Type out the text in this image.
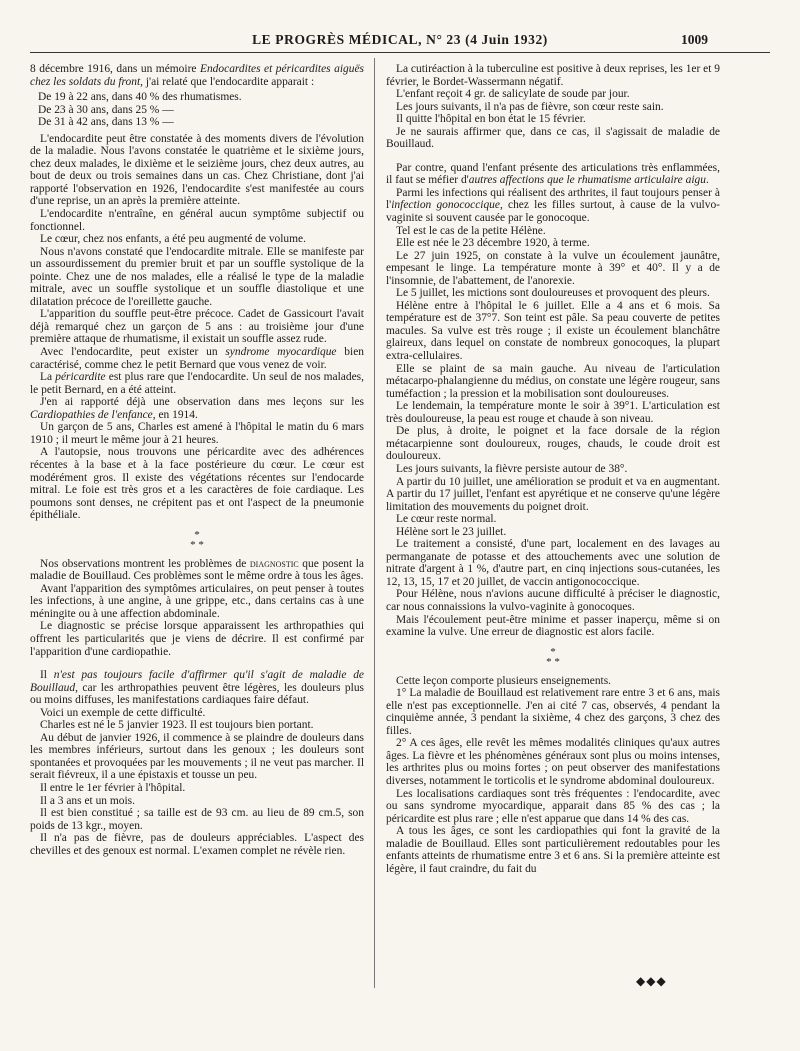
LE PROGRÈS MÉDICAL, N° 23 (4 Juin 1932)	1009

8 décembre 1916, dans un mémoire Endocardites et péricardites aiguës chez les soldats du front, j'ai relaté que l'endocardite apparait :

De 19 à 22 ans, dans 40 % des rhumatismes.

De 23 à 30 ans, dans 25 % —

De 31 à 42 ans, dans 13 % —

L'endocardite peut être constatée à des moments divers de l'évolution de la maladie. Nous l'avons constatée le quatrième et le sixième jours, chez deux malades, le dixième et le seizième jours, chez deux autres, au bout de deux ou trois semaines dans un cas. Chez Christiane, dont j'ai rapporté l'observation en 1926, l'endocardite s'est manifestée au cours d'une reprise, un an après la première atteinte.

L'endocardite n'entraîne, en général aucun symptôme subjectif ou fonctionnel.

Le cœur, chez nos enfants, a été peu augmenté de volume.

Nous n'avons constaté que l'endocardite mitrale. Elle se manifeste par un assourdissement du premier bruit et par un souffle systolique de la pointe. Chez une de nos malades, elle a réalisé le type de la maladie mitrale, avec un souffle systolique et un souffle diastolique et une dilatation précoce de l'oreillette gauche.

L'apparition du souffle peut-être précoce. Cadet de Gassicourt l'avait déjà remarqué chez un garçon de 5 ans : au troisième jour d'une première attaque de rhumatisme, il existait un souffle assez rude.

Avec l'endocardite, peut exister un syndrome myocardique bien caractérisé, comme chez le petit Bernard que vous venez de voir.

La péricardite est plus rare que l'endocardite. Un seul de nos malades, le petit Bernard, en a été atteint.

J'en ai rapporté déjà une observation dans mes leçons sur les Cardiopathies de l'enfance, en 1914.

Un garçon de 5 ans, Charles est amené à l'hôpital le matin du 6 mars 1910 ; il meurt le même jour à 21 heures.

A l'autopsie, nous trouvons une péricardite avec des adhérences récentes à la base et à la face postérieure du cœur. Le cœur est modérément gros. Il existe des végétations récentes sur l'endocarde mitral. Le foie est très gros et a les caractères de foie cardiaque. Les poumons sont denses, ne crépitent pas et ont l'aspect de la pneumonie épithéliale.

*
* *

Nos observations montrent les problèmes de diagnostic que posent la maladie de Bouillaud. Ces problèmes sont le même ordre à tous les âges.

Avant l'apparition des symptômes articulaires, on peut penser à toutes les infections, à une angine, à une grippe, etc., dans certains cas à une méningite ou à une affection abdominale.

Le diagnostic se précise lorsque apparaissent les arthropathies qui offrent les particularités que je viens de décrire. Il est confirmé par l'apparition d'une cardiopathie.

Il n'est pas toujours facile d'affirmer qu'il s'agit de maladie de Bouillaud, car les arthropathies peuvent être légères, les douleurs plus ou moins diffuses, les manifestations cardiaques faire défaut.

Voici un exemple de cette difficulté.

Charles est né le 5 janvier 1923. Il est toujours bien portant.

Au début de janvier 1926, il commence à se plaindre de douleurs dans les membres inférieurs, surtout dans les genoux ; les douleurs sont spontanées et provoquées par les mouvements ; il ne veut pas marcher. Il serait fiévreux, il a une épistaxis et tousse un peu.

Il entre le 1er février à l'hôpital.

Il a 3 ans et un mois.

Il est bien constitué ; sa taille est de 93 cm. au lieu de 89 cm.5, son poids de 13 kgr., moyen.

Il n'a pas de fièvre, pas de douleurs appréciables. L'aspect des chevilles et des genoux est normal. L'examen complet ne révèle rien.

La cutiréaction à la tuberculine est positive à deux reprises, les 1er et 9 février, le Bordet-Wassermann négatif.

L'enfant reçoit 4 gr. de salicylate de soude par jour.

Les jours suivants, il n'a pas de fièvre, son cœur reste sain.

Il quitte l'hôpital en bon état le 15 février.

Je ne saurais affirmer que, dans ce cas, il s'agissait de maladie de Bouillaud.

Par contre, quand l'enfant présente des articulations très enflammées, il faut se méfier d'autres affections que le rhumatisme articulaire aigu.

Parmi les infections qui réalisent des arthrites, il faut toujours penser à l'infection gonococcique, chez les filles surtout, à cause de la vulvo-vaginite si souvent causée par le gonocoque.

Tel est le cas de la petite Hélène.

Elle est née le 23 décembre 1920, à terme.

Le 27 juin 1925, on constate à la vulve un écoulement jaunâtre, empesant le linge. La température monte à 39° et 40°. Il y a de l'insomnie, de l'abattement, de l'anorexie.

Le 5 juillet, les mictions sont douloureuses et provoquent des pleurs.

Hélène entre à l'hôpital le 6 juillet. Elle a 4 ans et 6 mois. Sa température est de 37°7. Son teint est pâle. Sa peau couverte de petites macules. Sa vulve est très rouge ; il existe un écoulement blanchâtre glaireux, dans lequel on constate de nombreux gonocoques, la plupart extra-cellulaires.

Elle se plaint de sa main gauche. Au niveau de l'articulation métacarpo-phalangienne du médius, on constate une légère rougeur, sans tuméfaction ; la pression et la mobilisation sont douloureuses.

Le lendemain, la température monte le soir à 39°1. L'articulation est très douloureuse, la peau est rouge et chaude à son niveau.

De plus, à droite, le poignet et la face dorsale de la région métacarpienne sont douloureux, rouges, chauds, le coude droit est douloureux.

Les jours suivants, la fièvre persiste autour de 38°.

A partir du 10 juillet, une amélioration se produit et va en augmentant. A partir du 17 juillet, l'enfant est apyrétique et ne conserve qu'une légère limitation des mouvements du poignet droit.

Le cœur reste normal.

Hélène sort le 23 juillet.

Le traitement a consisté, d'une part, localement en des lavages au permanganate de potasse et des attouchements avec une solution de nitrate d'argent à 1 %, d'autre part, en cinq injections sous-cutanées, les 12, 13, 15, 17 et 20 juillet, de vaccin antigonococcique.

Pour Hélène, nous n'avions aucune difficulté à préciser le diagnostic, car nous connaissions la vulvo-vaginite à gonocoques.

Mais l'écoulement peut-être minime et passer inaperçu, même si on examine la vulve. Une erreur de diagnostic est alors facile.

*
* *

Cette leçon comporte plusieurs enseignements.

1° La maladie de Bouillaud est relativement rare entre 3 et 6 ans, mais elle n'est pas exceptionnelle. J'en ai cité 7 cas, observés, 4 pendant la cinquième année, 3 pendant la sixième, 4 chez des garçons, 3 chez des filles.

2° A ces âges, elle revêt les mêmes modalités cliniques qu'aux autres âges. La fièvre et les phénomènes généraux sont plus ou moins intenses, les arthrites plus ou moins fortes ; on peut observer des manifestations diverses, notamment le torticolis et le syndrome abdominal douloureux.

Les localisations cardiaques sont très fréquentes : l'endocardite, avec ou sans syndrome myocardique, apparait dans 85 % des cas ; la péricardite est plus rare ; elle n'est apparue que dans 14 % des cas.

A tous les âges, ce sont les cardiopathies qui font la gravité de la maladie de Bouillaud. Elles sont particulièrement redoutables pour les enfants atteints de rhumatisme entre 3 et 6 ans. Si la première atteinte est légère, il faut craindre, du fait du

◆◆◆
